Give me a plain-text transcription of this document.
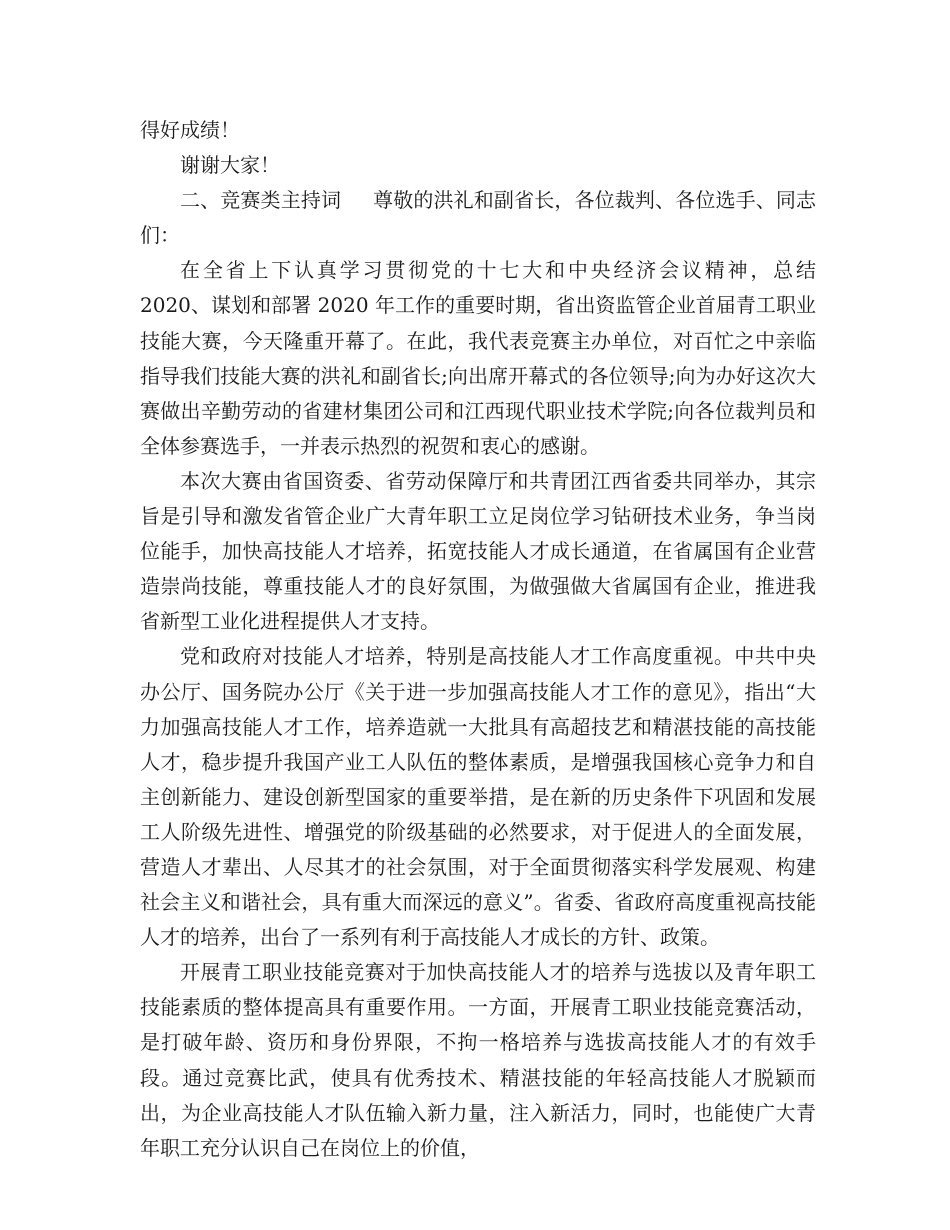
得好成绩！

谢谢大家！

二、竞赛类主持词 尊敬的洪礼和副省长，各位裁判、各位选手、同志们：

在全省上下认真学习贯彻党的十七大和中央经济会议精神，总结 2020、谋划和部署 2020 年工作的重要时期，省出资监管企业首届青工职业技能大赛，今天隆重开幕了。在此，我代表竞赛主办单位，对百忙之中亲临指导我们技能大赛的洪礼和副省长;向出席开幕式的各位领导;向为办好这次大赛做出辛勤劳动的省建材集团公司和江西现代职业技术学院;向各位裁判员和全体参赛选手，一并表示热烈的祝贺和衷心的感谢。

本次大赛由省国资委、省劳动保障厅和共青团江西省委共同举办，其宗旨是引导和激发省管企业广大青年职工立足岗位学习钻研技术业务，争当岗位能手，加快高技能人才培养，拓宽技能人才成长通道，在省属国有企业营造崇尚技能，尊重技能人才的良好氛围，为做强做大省属国有企业，推进我省新型工业化进程提供人才支持。

党和政府对技能人才培养，特别是高技能人才工作高度重视。中共中央办公厅、国务院办公厅《关于进一步加强高技能人才工作的意见》，指出“大力加强高技能人才工作，培养造就一大批具有高超技艺和精湛技能的高技能人才，稳步提升我国产业工人队伍的整体素质，是增强我国核心竞争力和自主创新能力、建设创新型国家的重要举措，是在新的历史条件下巩固和发展工人阶级先进性、增强党的阶级基础的必然要求，对于促进人的全面发展，营造人才辈出、人尽其才的社会氛围，对于全面贯彻落实科学发展观、构建社会主义和谐社会，具有重大而深远的意义”。省委、省政府高度重视高技能人才的培养，出台了一系列有利于高技能人才成长的方针、政策。

开展青工职业技能竞赛对于加快高技能人才的培养与选拔以及青年职工技能素质的整体提高具有重要作用。一方面，开展青工职业技能竞赛活动，是打破年龄、资历和身份界限，不拘一格培养与选拔高技能人才的有效手段。通过竞赛比武，使具有优秀技术、精湛技能的年轻高技能人才脱颖而出，为企业高技能人才队伍输入新力量，注入新活力，同时，也能使广大青年职工充分认识自己在岗位上的价值，
